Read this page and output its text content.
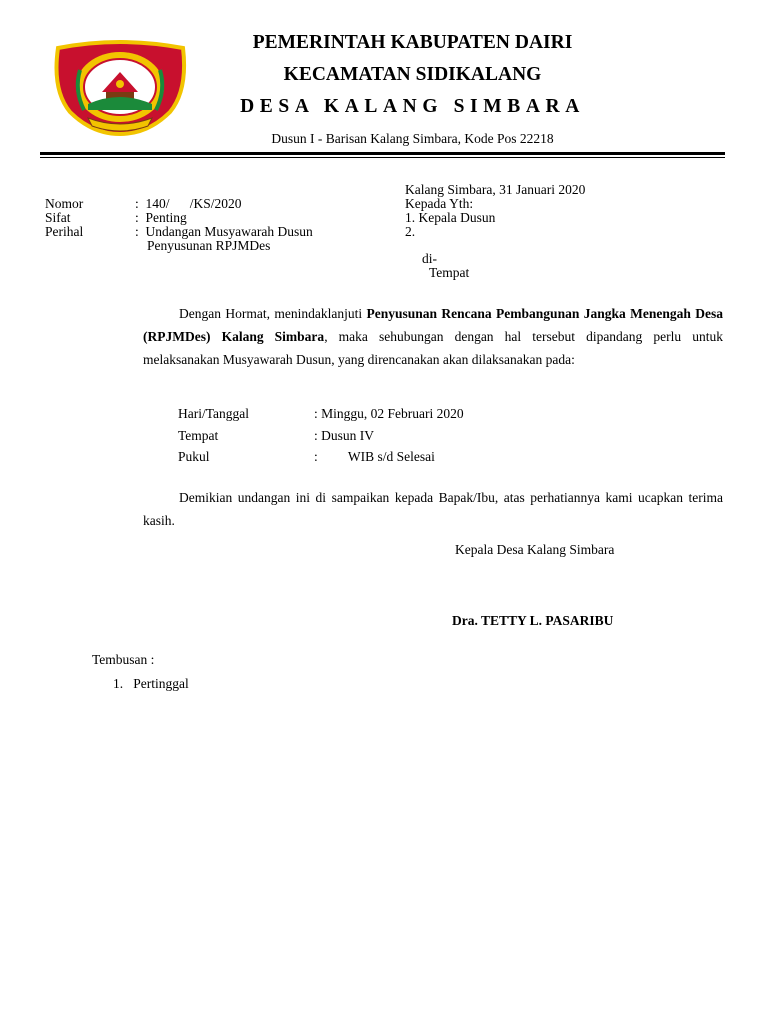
PEMERINTAH KABUPATEN DAIRI
KECAMATAN SIDIKALANG
DESA KALANG SIMBARA
Dusun I - Barisan Kalang Simbara, Kode Pos 22218
Kalang Simbara, 31 Januari 2020
Kepada Yth:
1. Kepala Dusun
2.
di-
Tempat
Nomor	:  140/      /KS/2020
Sifat	:  Penting
Perihal	:  Undangan Musyawarah Dusun
Penyusunan RPJMDes
Dengan Hormat, menindaklanjuti Penyusunan Rencana Pembangunan Jangka Menengah Desa (RPJMDes) Kalang Simbara, maka sehubungan dengan hal tersebut dipandang perlu untuk melaksanakan Musyawarah Dusun, yang direncanakan akan dilaksanakan pada:
Hari/Tanggal	: Minggu, 02 Februari 2020
Tempat	: Dusun IV
Pukul	:         WIB s/d Selesai
Demikian undangan ini di sampaikan kepada Bapak/Ibu, atas perhatiannya kami ucapkan terima kasih.
Kepala Desa Kalang Simbara
Dra. TETTY L. PASARIBU
Tembusan :
1.   Pertinggal
